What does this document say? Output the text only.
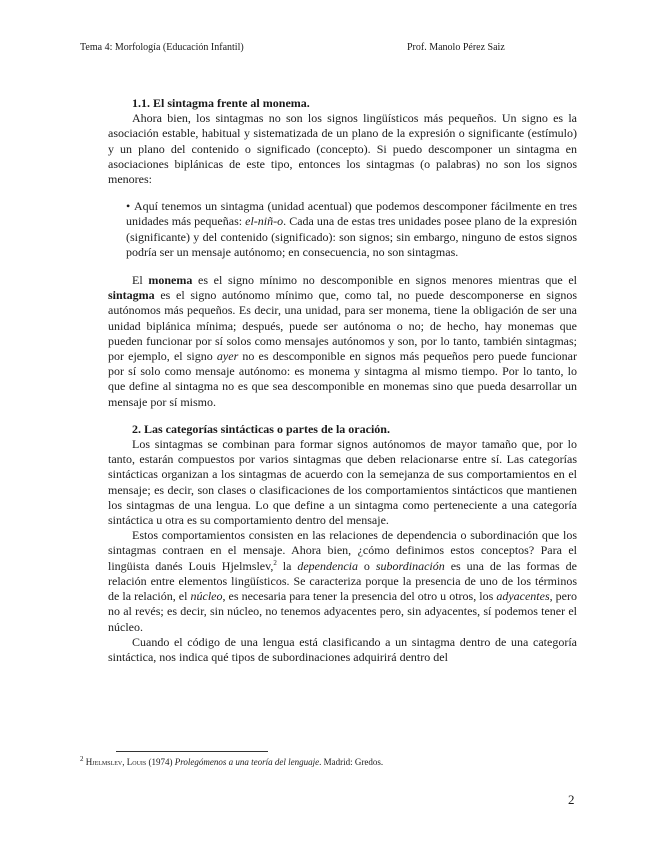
Tema 4: Morfología (Educación Infantil)	Prof. Manolo Pérez Saiz
1.1. El sintagma frente al monema.

Ahora bien, los sintagmas no son los signos lingüísticos más pequeños. Un signo es la asociación estable, habitual y sistematizada de un plano de la expresión o significante (estímulo) y un plano del contenido o significado (concepto). Si puedo descomponer un sintagma en asociaciones biplánicas de este tipo, entonces los sintagmas (o palabras) no son los signos menores:

• Aquí tenemos un sintagma (unidad acentual) que podemos descomponer fácilmente en tres unidades más pequeñas: el-niñ-o. Cada una de estas tres unidades posee plano de la expresión (significante) y del contenido (significado): son signos; sin embargo, ninguno de estos signos podría ser un mensaje autónomo; en consecuencia, no son sintagmas.

El monema es el signo mínimo no descomponible en signos menores mientras que el sintagma es el signo autónomo mínimo que, como tal, no puede descomponerse en signos autónomos más pequeños. Es decir, una unidad, para ser monema, tiene la obligación de ser una unidad biplánica mínima; después, puede ser autónoma o no; de hecho, hay monemas que pueden funcionar por sí solos como mensajes autónomos y son, por lo tanto, también sintagmas; por ejemplo, el signo ayer no es descomponible en signos más pequeños pero puede funcionar por sí solo como mensaje autónomo: es monema y sintagma al mismo tiempo. Por lo tanto, lo que define al sintagma no es que sea descomponible en monemas sino que pueda desarrollar un mensaje por sí mismo.

2. Las categorías sintácticas o partes de la oración.

Los sintagmas se combinan para formar signos autónomos de mayor tamaño que, por lo tanto, estarán compuestos por varios sintagmas que deben relacionarse entre sí. Las categorías sintácticas organizan a los sintagmas de acuerdo con la semejanza de sus comportamientos en el mensaje; es decir, son clases o clasificaciones de los comportamientos sintácticos que mantienen los sintagmas de una lengua. Lo que define a un sintagma como perteneciente a una categoría sintáctica u otra es su comportamiento dentro del mensaje.

Estos comportamientos consisten en las relaciones de dependencia o subordinación que los sintagmas contraen en el mensaje. Ahora bien, ¿cómo definimos estos conceptos? Para el lingüista danés Louis Hjelmslev,$^2$ la dependencia o subordinación es una de las formas de relación entre elementos lingüísticos. Se caracteriza porque la presencia de uno de los términos de la relación, el núcleo, es necesaria para tener la presencia del otro u otros, los adyacentes, pero no al revés; es decir, sin núcleo, no tenemos adyacentes pero, sin adyacentes, sí podemos tener el núcleo.

Cuando el código de una lengua está clasificando a un sintagma dentro de una categoría sintáctica, nos indica qué tipos de subordinaciones adquirirá dentro del

$^2$ Hjelmslev, Louis (1974) Prolegómenos a una teoría del lenguaje. Madrid: Gredos.
2
